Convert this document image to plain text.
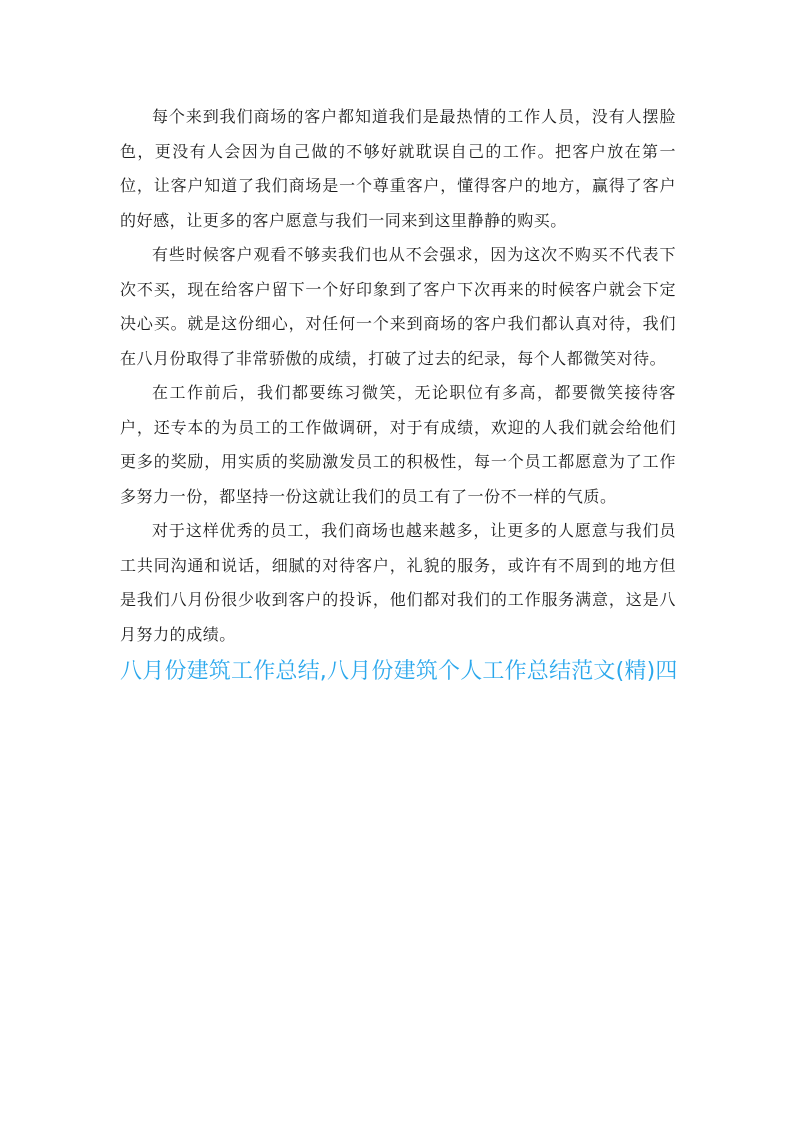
每个来到我们商场的客户都知道我们是最热情的工作人员，没有人摆脸色，更没有人会因为自己做的不够好就耽误自己的工作。把客户放在第一位，让客户知道了我们商场是一个尊重客户，懂得客户的地方，赢得了客户的好感，让更多的客户愿意与我们一同来到这里静静的购买。

有些时候客户观看不够卖我们也从不会强求，因为这次不购买不代表下次不买，现在给客户留下一个好印象到了客户下次再来的时候客户就会下定决心买。就是这份细心，对任何一个来到商场的客户我们都认真对待，我们在八月份取得了非常骄傲的成绩，打破了过去的纪录，每个人都微笑对待。

在工作前后，我们都要练习微笑，无论职位有多高，都要微笑接待客户，还专本的为员工的工作做调研，对于有成绩，欢迎的人我们就会给他们更多的奖励，用实质的奖励激发员工的积极性，每一个员工都愿意为了工作多努力一份，都坚持一份这就让我们的员工有了一份不一样的气质。

对于这样优秀的员工，我们商场也越来越多，让更多的人愿意与我们员工共同沟通和说话，细腻的对待客户，礼貌的服务，或许有不周到的地方但是我们八月份很少收到客户的投诉，他们都对我们的工作服务满意，这是八月努力的成绩。

八月份建筑工作总结,八月份建筑个人工作总结范文(精)四
